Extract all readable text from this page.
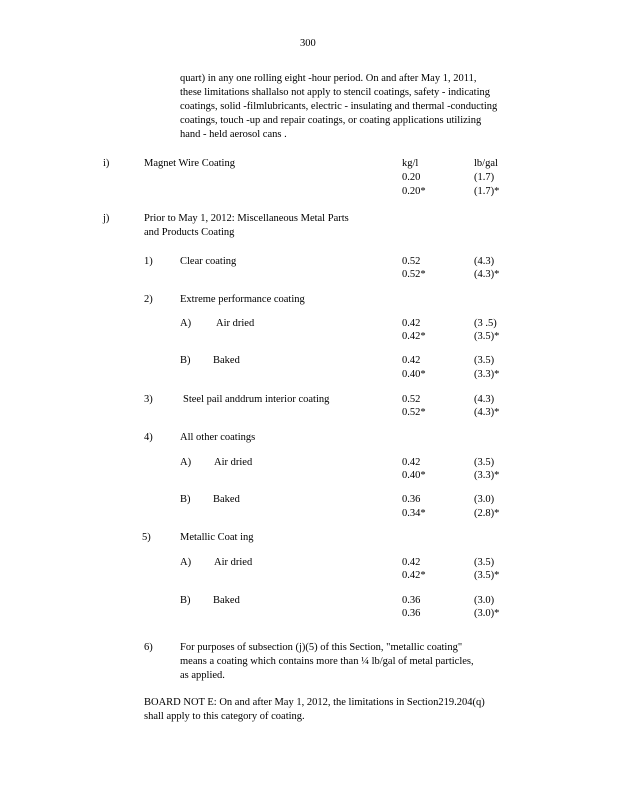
300
quart) in any one rolling eight -hour period. On and after May 1, 2011,
these limitations shallalso not apply to stencil coatings, safety - indicating
coatings, solid -filmlubricants, electric - insulating and thermal -conducting
coatings, touch -up and repair coatings, or coating applications utilizing
hand - held aerosol cans .
i)	Magnet Wire Coating	kg/l	lb/gal
0.20	(1.7)
0.20*	(1.7)*
j)	Prior to May 1, 2012: Miscellaneous Metal Parts
and Products Coating
1)	Clear coating	0.52	(4.3)
0.52*	(4.3)*
2)	Extreme performance coating
A) Air dried	0.42	(3 .5)
0.42*	(3.5)*
B) Baked	0.42	(3.5)
0.40*	(3.3)*
3)	Steel pail anddrum interior coating	0.52	(4.3)
0.52*	(4.3)*
4)	All other coatings
A) Air dried	0.42	(3.5)
0.40*	(3.3)*
B) Baked	0.36	(3.0)
0.34*	(2.8)*
5)	Metallic Coat ing
A) Air dried	0.42	(3.5)
0.42*	(3.5)*
B) Baked	0.36	(3.0)
0.36	(3.0)*
6)	For purposes of subsection (j)(5) of this Section, "metallic coating"
means a coating which contains more than ¼ lb/gal of metal particles,
as applied.
BOARD NOT E: On and after May 1, 2012, the limitations in Section219.204(q)
shall apply to this category of coating.
